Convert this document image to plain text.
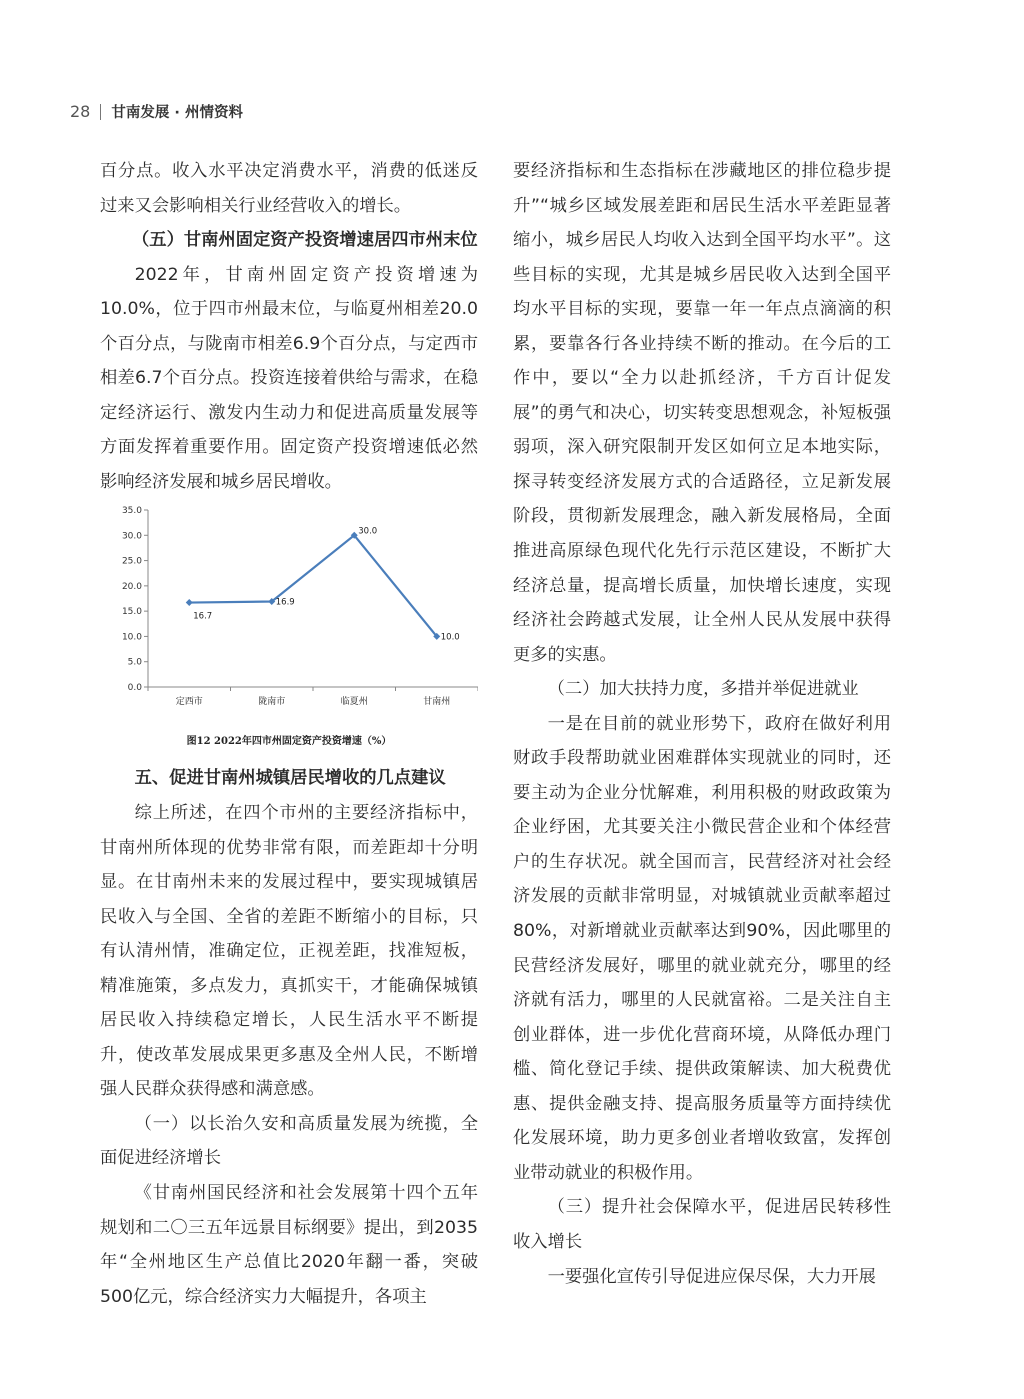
28 甘南发展 · 州情资料

百分点。收入水平决定消费水平，消费的低迷反过来又会影响相关行业经营收入的增长。

（五）甘南州固定资产投资增速居四市州末位

2022年，甘南州固定资产投资增速为10.0%，位于四市州最末位，与临夏州相差20.0个百分点，与陇南市相差6.9个百分点，与定西市相差6.7个百分点。投资连接着供给与需求，在稳定经济运行、激发内生动力和促进高质量发展等方面发挥着重要作用。固定资产投资增速低必然影响经济发展和城乡居民增收。

0.0
5.0
10.0
15.0
20.0
25.0
30.0
35.0
定西市	陇南市	临夏州	甘南州
16.7
16.9
30.0
10.0
图12 2022年四市州固定资产投资增速（%）

五、促进甘南州城镇居民增收的几点建议

综上所述，在四个市州的主要经济指标中，甘南州所体现的优势非常有限，而差距却十分明显。在甘南州未来的发展过程中，要实现城镇居民收入与全国、全省的差距不断缩小的目标，只有认清州情，准确定位，正视差距，找准短板，精准施策，多点发力，真抓实干，才能确保城镇居民收入持续稳定增长，人民生活水平不断提升，使改革发展成果更多惠及全州人民，不断增强人民群众获得感和满意感。

（一）以长治久安和高质量发展为统揽，全面促进经济增长

《甘南州国民经济和社会发展第十四个五年规划和二〇三五年远景目标纲要》提出，到2035年“全州地区生产总值比2020年翻一番，突破500亿元，综合经济实力大幅提升，各项主

要经济指标和生态指标在涉藏地区的排位稳步提升”“城乡区域发展差距和居民生活水平差距显著缩小，城乡居民人均收入达到全国平均水平”。这些目标的实现，尤其是城乡居民收入达到全国平均水平目标的实现，要靠一年一年点点滴滴的积累，要靠各行各业持续不断的推动。在今后的工作中，要以“全力以赴抓经济，千方百计促发展”的勇气和决心，切实转变思想观念，补短板强弱项，深入研究限制开发区如何立足本地实际，探寻转变经济发展方式的合适路径，立足新发展阶段，贯彻新发展理念，融入新发展格局，全面推进高原绿色现代化先行示范区建设，不断扩大经济总量，提高增长质量，加快增长速度，实现经济社会跨越式发展，让全州人民从发展中获得更多的实惠。

（二）加大扶持力度，多措并举促进就业

一是在目前的就业形势下，政府在做好利用财政手段帮助就业困难群体实现就业的同时，还要主动为企业分忧解难，利用积极的财政政策为企业纾困，尤其要关注小微民营企业和个体经营户的生存状况。就全国而言，民营经济对社会经济发展的贡献非常明显，对城镇就业贡献率超过80%，对新增就业贡献率达到90%，因此哪里的民营经济发展好，哪里的就业就充分，哪里的经济就有活力，哪里的人民就富裕。二是关注自主创业群体，进一步优化营商环境，从降低办理门槛、简化登记手续、提供政策解读、加大税费优惠、提供金融支持、提高服务质量等方面持续优化发展环境，助力更多创业者增收致富，发挥创业带动就业的积极作用。

（三）提升社会保障水平，促进居民转移性收入增长

一要强化宣传引导促进应保尽保，大力开展
